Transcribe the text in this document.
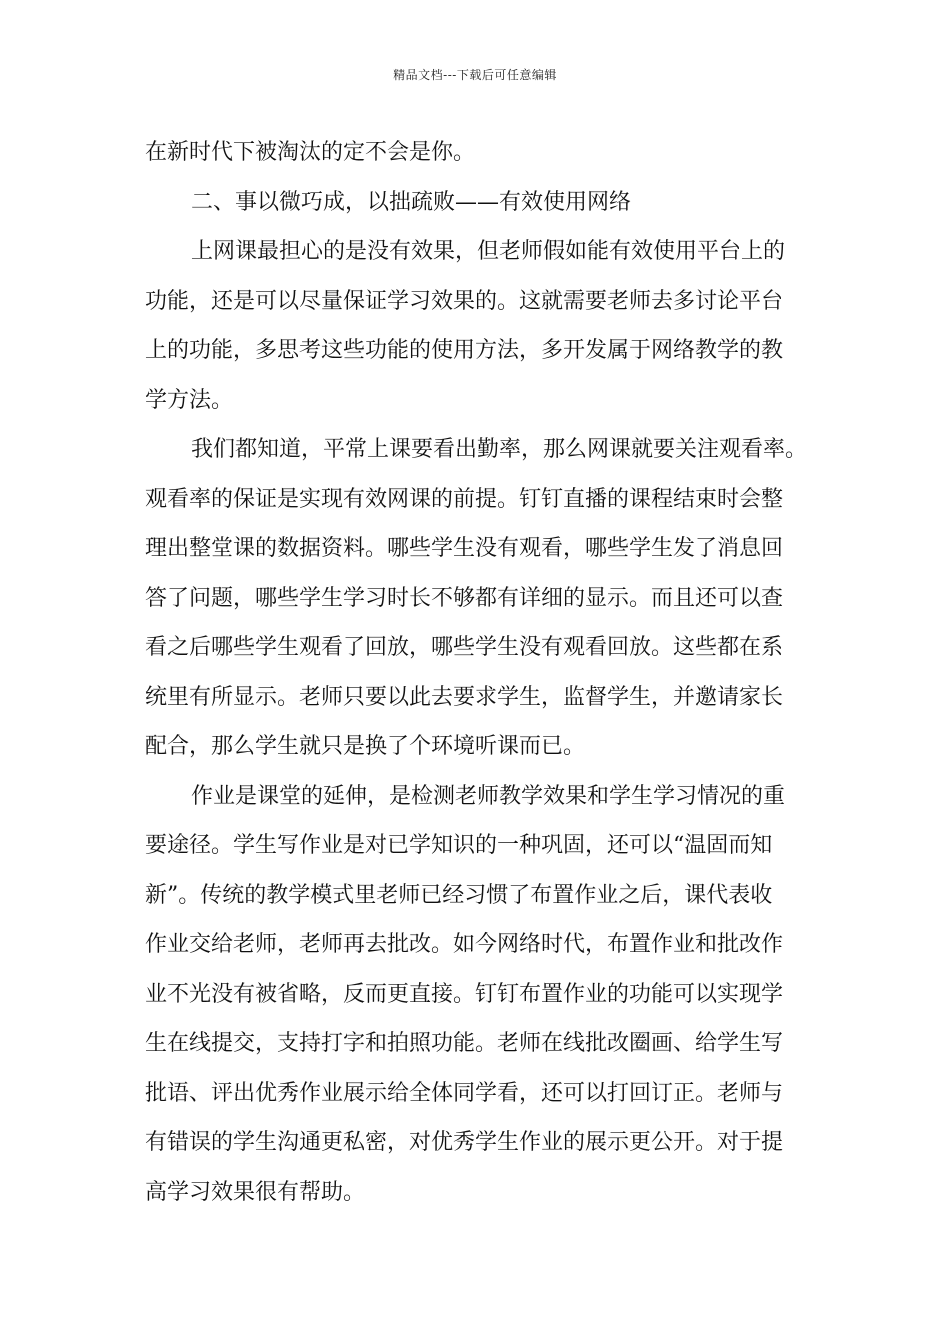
精品文档---下载后可任意编辑
在新时代下被淘汰的定不会是你。
二、事以微巧成，以拙疏败——有效使用网络
上网课最担心的是没有效果，但老师假如能有效使用平台上的
功能，还是可以尽量保证学习效果的。这就需要老师去多讨论平台
上的功能，多思考这些功能的使用方法，多开发属于网络教学的教
学方法。
我们都知道，平常上课要看出勤率，那么网课就要关注观看率。
观看率的保证是实现有效网课的前提。钉钉直播的课程结束时会整
理出整堂课的数据资料。哪些学生没有观看，哪些学生发了消息回
答了问题，哪些学生学习时长不够都有详细的显示。而且还可以查
看之后哪些学生观看了回放，哪些学生没有观看回放。这些都在系
统里有所显示。老师只要以此去要求学生，监督学生，并邀请家长
配合，那么学生就只是换了个环境听课而已。
作业是课堂的延伸，是检测老师教学效果和学生学习情况的重
要途径。学生写作业是对已学知识的一种巩固，还可以“温固而知
新”。传统的教学模式里老师已经习惯了布置作业之后，课代表收
作业交给老师，老师再去批改。如今网络时代，布置作业和批改作
业不光没有被省略，反而更直接。钉钉布置作业的功能可以实现学
生在线提交，支持打字和拍照功能。老师在线批改圈画、给学生写
批语、评出优秀作业展示给全体同学看，还可以打回订正。老师与
有错误的学生沟通更私密，对优秀学生作业的展示更公开。对于提
高学习效果很有帮助。
